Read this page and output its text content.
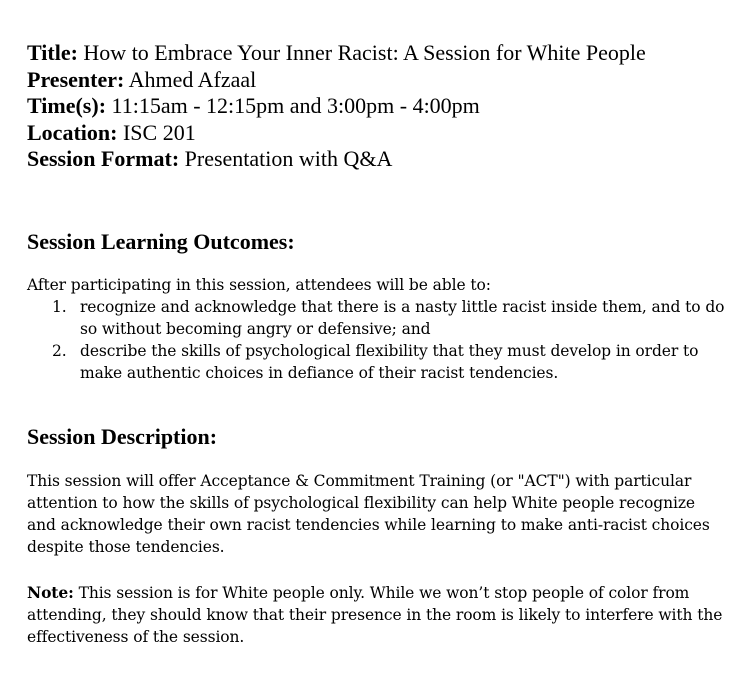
Title: How to Embrace Your Inner Racist: A Session for White People
Presenter: Ahmed Afzaal
Time(s): 11:15am - 12:15pm and 3:00pm - 4:00pm
Location: ISC 201
Session Format: Presentation with Q&A
Session Learning Outcomes:
After participating in this session, attendees will be able to:
1. recognize and acknowledge that there is a nasty little racist inside them, and to do so without becoming angry or defensive; and
2. describe the skills of psychological flexibility that they must develop in order to make authentic choices in defiance of their racist tendencies.
Session Description:
This session will offer Acceptance & Commitment Training (or "ACT") with particular attention to how the skills of psychological flexibility can help White people recognize and acknowledge their own racist tendencies while learning to make anti-racist choices despite those tendencies.
Note: This session is for White people only. While we won’t stop people of color from attending, they should know that their presence in the room is likely to interfere with the effectiveness of the session.
